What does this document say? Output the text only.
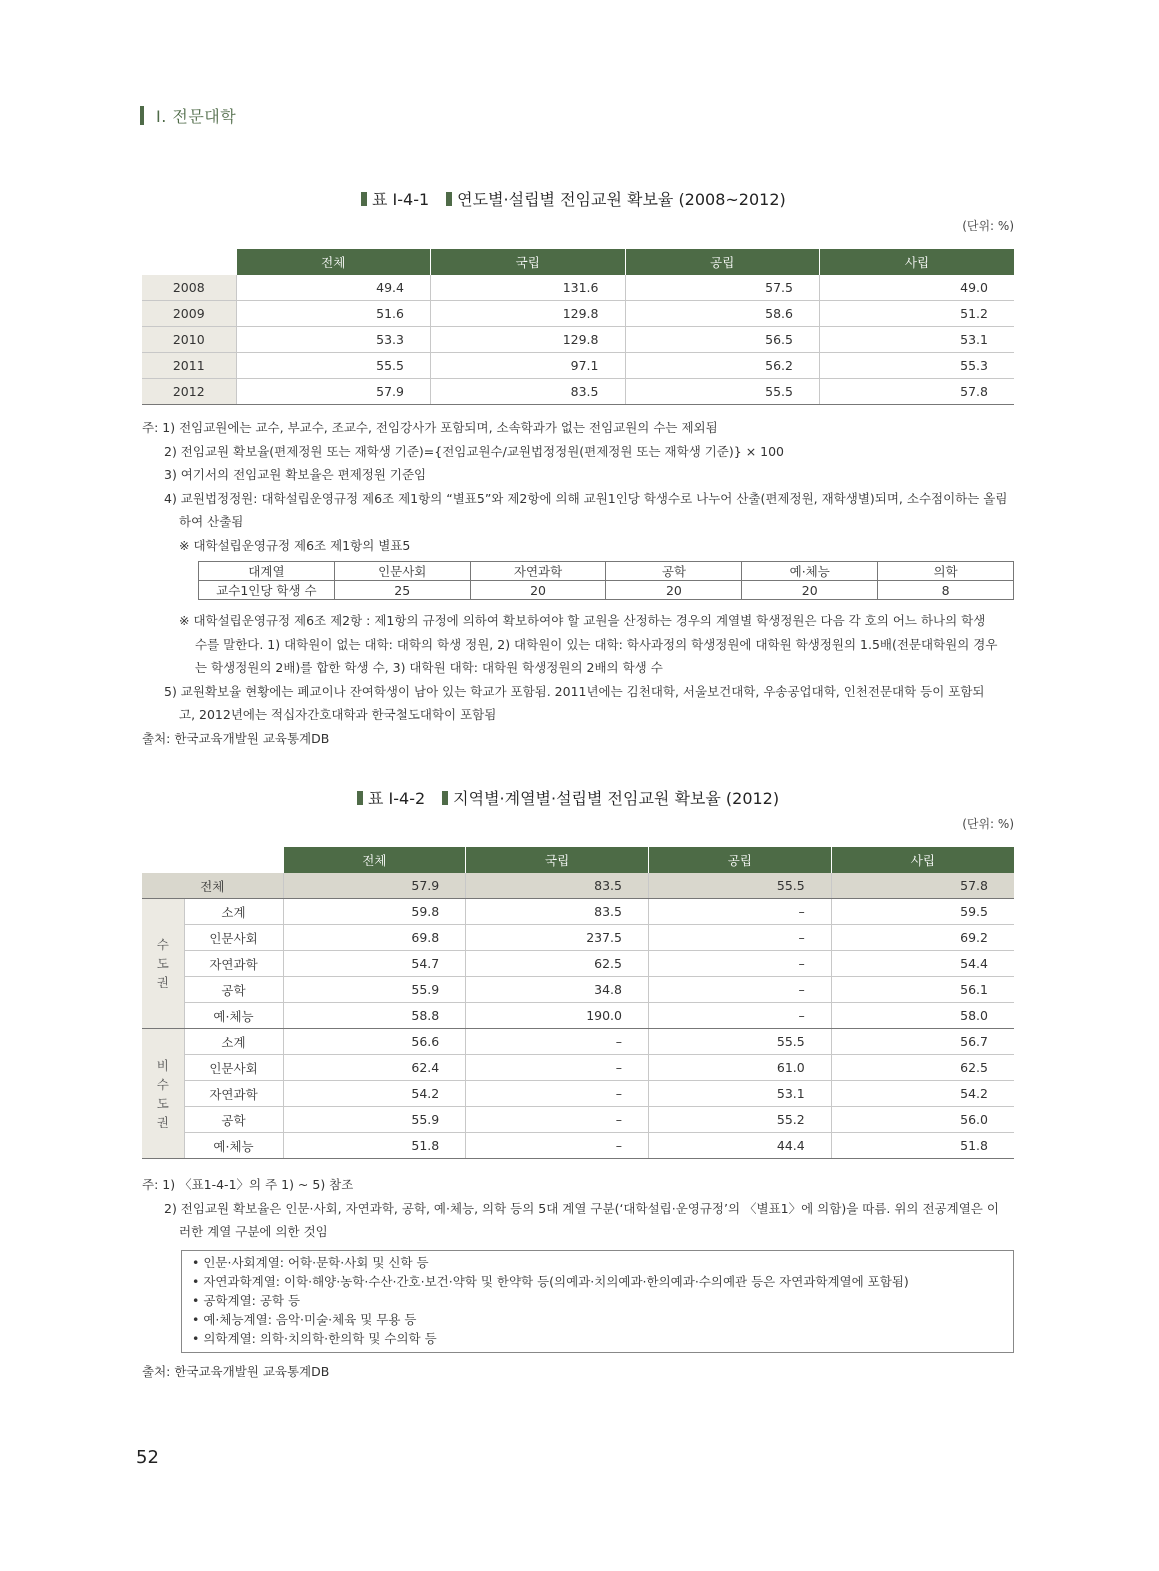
Ⅰ. 전문대학
표 Ⅰ-4-1 연도별·설립별 전임교원 확보율 (2008~2012)
(단위: %)
	전체	국립	공립	사립
2008	49.4	131.6	57.5	49.0
2009	51.6	129.8	58.6	51.2
2010	53.3	129.8	56.5	53.1
2011	55.5	97.1	56.2	55.3
2012	57.9	83.5	55.5	57.8

주: 1) 전임교원에는 교수, 부교수, 조교수, 전임강사가 포함되며, 소속학과가 없는 전임교원의 수는 제외됨

2) 전임교원 확보율(편제정원 또는 재학생 기준)={전임교원수/교원법정정원(편제정원 또는 재학생 기준)} × 100

3) 여기서의 전임교원 확보율은 편제정원 기준임

4) 교원법정정원: 대학설립운영규정 제6조 제1항의 “별표5”와 제2항에 의해 교원1인당 학생수로 나누어 산출(편제정원, 재학생별)되며, 소수점이하는 올림

하여 산출됨

※ 대학설립운영규정 제6조 제1항의 별표5

대계열	인문사회	자연과학	공학	예·체능	의학
교수1인당 학생 수	25	20	20	20	8

※ 대학설립운영규정 제6조 제2항 : 제1항의 규정에 의하여 확보하여야 할 교원을 산정하는 경우의 계열별 학생정원은 다음 각 호의 어느 하나의 학생

수를 말한다. 1) 대학원이 없는 대학: 대학의 학생 정원, 2) 대학원이 있는 대학: 학사과정의 학생정원에 대학원 학생정원의 1.5배(전문대학원의 경우

는 학생정원의 2배)를 합한 학생 수, 3) 대학원 대학: 대학원 학생정원의 2배의 학생 수

5) 교원확보율 현황에는 폐교이나 잔여학생이 남아 있는 학교가 포함됨. 2011년에는 김천대학, 서울보건대학, 우송공업대학, 인천전문대학 등이 포함되

고, 2012년에는 적십자간호대학과 한국철도대학이 포함됨

출처: 한국교육개발원 교육통계DB

표 Ⅰ-4-2 지역별·계열별·설립별 전임교원 확보율 (2012)
(단위: %)
		전체	국립	공립	사립
전체		57.9	83.5	55.5	57.8
수
도
권	소계	59.8	83.5	–	59.5
	인문사회	69.8	237.5	–	69.2
	자연과학	54.7	62.5	–	54.4
	공학	55.9	34.8	–	56.1
	예·체능	58.8	190.0	–	58.0
비
수
도
권	소계	56.6	–	55.5	56.7
	인문사회	62.4	–	61.0	62.5
	자연과학	54.2	–	53.1	54.2
	공학	55.9	–	55.2	56.0
	예·체능	51.8	–	44.4	51.8

주: 1) 〈표1-4-1〉의 주 1) ~ 5) 참조

2) 전임교원 확보율은 인문·사회, 자연과학, 공학, 예·체능, 의학 등의 5대 계열 구분(‘대학설립·운영규정’의 〈별표1〉에 의함)을 따름. 위의 전공계열은 이

러한 계열 구분에 의한 것임

• 인문·사회계열: 어학·문학·사회 및 신학 등
• 자연과학계열: 이학·해양·농학·수산·간호·보건·약학 및 한약학 등(의예과·치의예과·한의예과·수의예관 등은 자연과학계열에 포함됨)
• 공학계열: 공학 등
• 예·체능계열: 음악·미술·체육 및 무용 등
• 의학계열: 의학·치의학·한의학 및 수의학 등
출처: 한국교육개발원 교육통계DB
52
